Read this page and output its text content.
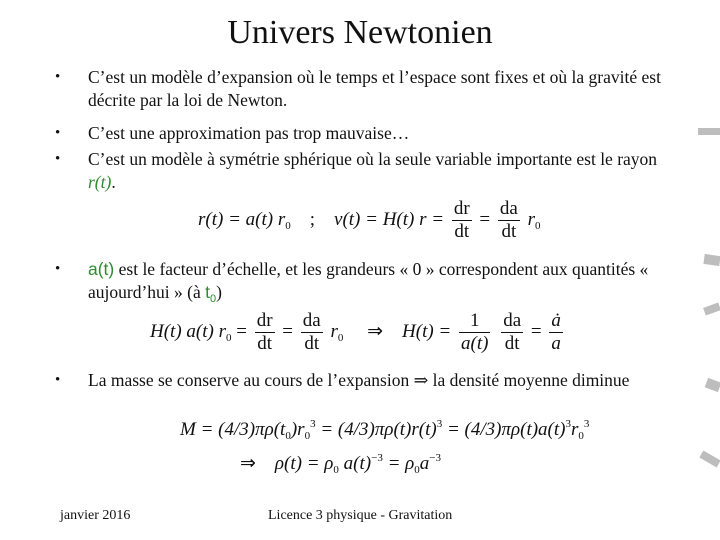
Univers Newtonien
• C’est un modèle d’expansion où le temps et l’espace sont fixes et où la gravité est décrite par la loi de Newton.
• C’est une approximation pas trop mauvaise…
• C’est un modèle à symétrie sphérique où la seule variable importante est le rayon r(t).
r(t) = a(t) $r_0$ ; v(t) = H(t) $r = \frac{dr}{dt} = \frac{da}{dt} r_0$
• a(t) est le facteur d’échelle, et les grandeurs « 0 » correspondent aux quantités « aujourd’hui » (à $t_0$)
H(t) a(t) $r_0 = \frac{dr}{dt} = \frac{da}{dt} r_0$ ⇒ $H(t) = \frac{1}{a(t)}$
$\frac{da}{dt} = \frac{ȧ}{a}$
• La masse se conserve au cours de l’expansion ⇒ la densité moyenne diminue
$M = (4/3)\pi\rho(t_0)r_0^3 = (4/3)\pi\rho(t)r(t)^3 = (4/3)\pi\rho(t)a(t)^3r_0^3$
⇒ $\rho(t) = \rho_0$ $a(t)^{-3} = \rho_0a^{-3}$
janvier 2016	Licence 3 physique - Gravitation
